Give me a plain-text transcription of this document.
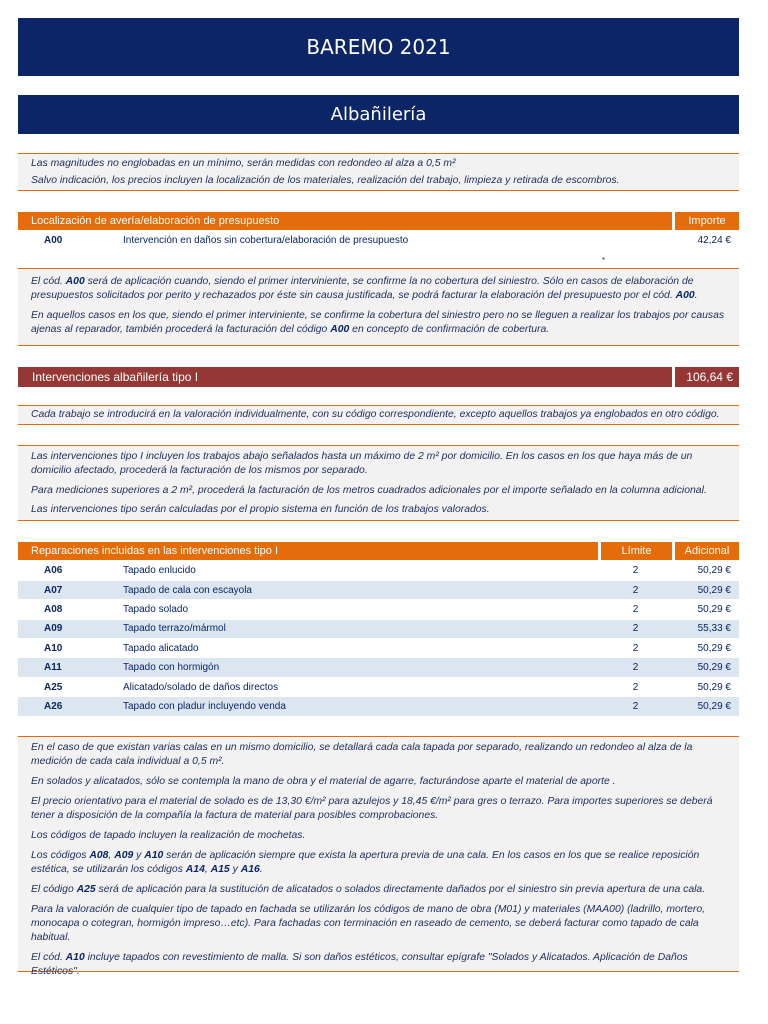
BAREMO 2021
Albañilería

Las magnitudes no englobadas en un mínimo, serán medidas con redondeo al alza a 0,5 m²

Salvo indicación, los precios incluyen la localización de los materiales, realización del trabajo, limpieza y retirada de escombros.

Localización de avería/elaboración de presupuesto	Importe
A00	Intervención en daños sin cobertura/elaboración de presupuesto	42,24 €
*

El cód. A00 será de aplicación cuando, siendo el primer interviniente, se confirme la no cobertura del siniestro. Sólo en casos de elaboración de presupuestos solicitados por perito y rechazados por éste sin causa justificada, se podrá facturar la elaboración del presupuesto por el cód. A00.

En aquellos casos en los que, siendo el primer interviniente, se confirme la cobertura del siniestro pero no se lleguen a realizar los trabajos por causas ajenas al reparador, también procederá la facturación del código A00 en concepto de confirmación de cobertura.

Intervenciones albañilería tipo I	106,64 €

Cada trabajo se introducirá en la valoración individualmente, con su código correspondiente, excepto aquellos trabajos ya englobados en otro código.

Las intervenciones tipo I incluyen los trabajos abajo señalados hasta un máximo de 2 m² por domicilio. En los casos en los que haya más de un domicilio afectado, procederá la facturación de los mismos por separado.

Para mediciones superiores a 2 m², procederá la facturación de los metros cuadrados adicionales por el importe señalado en la columna adicional.

Las intervenciones tipo serán calculadas por el propio sistema en función de los trabajos valorados.

Reparaciones incluidas en las intervenciones tipo I	Límite	Adicional
A06	Tapado enlucido	2	50,29 €
A07	Tapado de cala con escayola	2	50,29 €
A08	Tapado solado	2	50,29 €
A09	Tapado terrazo/mármol	2	55,33 €
A10	Tapado alicatado	2	50,29 €
A11	Tapado con hormigón	2	50,29 €
A25	Alicatado/solado de daños directos	2	50,29 €
A26	Tapado con pladur incluyendo venda	2	50,29 €

En el caso de que existan varias calas en un mismo domicilio, se detallará cada cala tapada por separado, realizando un redondeo al alza de la medición de cada cala individual a 0,5 m².

En solados y alicatados, sólo se contempla la mano de obra y el material de agarre, facturándose aparte el material de aporte .

El precio orientativo para el material de solado es de 13,30 €/m² para azulejos y 18,45 €/m² para gres o terrazo. Para importes superiores se deberá tener a disposición de la compañía la factura de material para posibles comprobaciones.

Los códigos de tapado incluyen la realización de mochetas.

Los códigos A08, A09 y A10 serán de aplicación siempre que exista la apertura previa de una cala. En los casos en los que se realice reposición estética, se utilizarán los códigos A14, A15 y A16.

El código A25 será de aplicación para la sustitución de alicatados o solados directamente dañados por el siniestro sin previa apertura de una cala.

Para la valoración de cualquier tipo de tapado en fachada se utilizarán los códigos de mano de obra (M01) y materiales (MAA00) (ladrillo, mortero, monocapa o cotegran, hormigón impreso…etc). Para fachadas con terminación en raseado de cemento, se deberá facturar como tapado de cala habitual.

El cód. A10 incluye tapados con revestimiento de malla. Si son daños estéticos, consultar epígrafe "Solados y Alicatados. Aplicación de Daños Estéticos".
